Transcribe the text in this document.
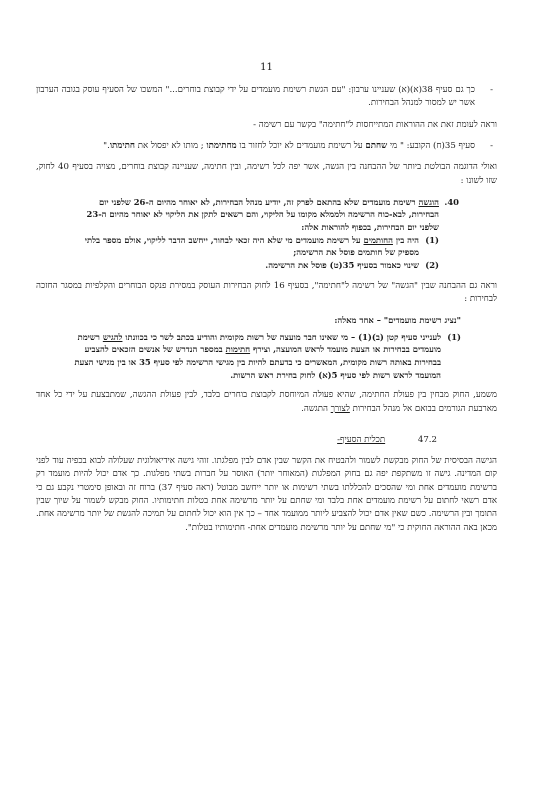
11

- כך גם סעיף 38(א)(א) שעניינו ערבון: "עם הגשת רשימת מועמדים על ידי קבוצת בוחרים..." המשכו של הסעיף עוסק בגובה הערבון אשר יש למסור למנהל הבחירות.

וראה לעומת זאת את ההוראות המתייחסות ל"חתימה" בקשר עם רשימה -

- סעיף 35(ח) הקובע: " מי שחתם על רשימת מועמדים לא יוכל לחזור בו מחתימתו ; מותו לא יפסול את חתימתו."

ואולי הדוגמה הבולטת ביותר של ההבחנה בין הגשה, אשר יפה לכל רשימה, ובין חתימה, שעניינה קבוצת בוחרים, מצויה בסעיף 40 לחוק, שזו לשונו :

40.
הוגשה רשימת מועמדים שלא בהתאם לפרק זה, יודיע מנהל הבחירות, לא יאוחר מהיום ה-26 שלפני יום הבחירות, לבא-כוח הרשימה ולממלא מקומו על הליקוי, והם רשאים לתקן את הליקוי לא יאוחר מהיום ה-23 שלפני יום הבחירות, בכפוף להוראות אלה:
(1)
היה בין החותמים על רשימת מועמדים מי שלא היה זכאי לבחור, ייחשב הדבר לליקוי, אולם מספר בלתי מספיק של חותמים פוסל את הרשימה;
(2)
שינוי כאמור בסעיף 35(ט) פוסל את הרשימה.

וראה גם ההבחנה שבין "הגשה" של רשימה ל"חתימה", בסעיף 16 לחוק הבחירות העוסק במסירת פנקס הבוחרים והקלפיות במסגר החזכה לבחירות :

"נציג רשימת מועמדים" – אחד מאלה:
(1)
לענייני סעיף קטן (ב)(1) – מי שאינו חבר מועצה של רשות מקומית והודיע בכתב לשר כי בכוונתו להגיש רשימת מועמדים בבחירות או הצעת מועמד לראש המועצה, וצירף חתימות במספר הנדרש של אנשים הזכאים להצביע בבחירות באותה רשות מקומית, המאשרים כי בדעתם להיות בין מגישי הרשימה לפי סעיף 35 או בין מגישי הצעת המועמד לראש רשות לפי סעיף 5(א) לחוק בחירת ראש הרשות.

משמע, החוק מבחין בין פעולת החתימה, שהיא פעולה המיוחסת לקבוצת בוחרים בלבד, לבין פעולת ההגשה, שמתבצעת על ידי כל אחד מארבעת הגורמים בבואם אל מנהל הבחירות לצורך התגשה.

47.2 תכלית הסעיף-

הגישה הבסיסית של החוק מבקשת לשמור ולהבטיח את הקשר שבין אדם לבין מפלגתו. זוהי גישה אידיאולוגית שעלולה לבוא בכפיה עוד לפני קום המדינה. גישה זו משתקפת יפה גם בחוק המפלגות (המאוחר יותר) האוסר על חברות בשתי מפלגות. כך אדם יכול להיות מועמד רק ברשימת מועמדים אחת ומי שהסכים להכללתו בשתי רשימות או יותר ייחשב מבוטל (ראה סעיף 37) ברוח זה ובאופן סימטרי נקבע גם כי אדם רשאי לחתום על רשימת מועמדים אחת בלבד ומי שחתם על יותר מרשימה אחת בטלות חתימותיו. החוק מבקש לשמור על שיוך שבין התומך ובין הרשימה. כשם שאין אדם יכול להצביע ליותר ממועמד אחד – כך אין הוא יכול לחתום על תמיכה להגשת של יותר מרשימה אחת. מכאן באה ההוראה החוקית כי "מי שחתם על יותר מרשימת מועמדים אחת- חתימותיו בטלות".
